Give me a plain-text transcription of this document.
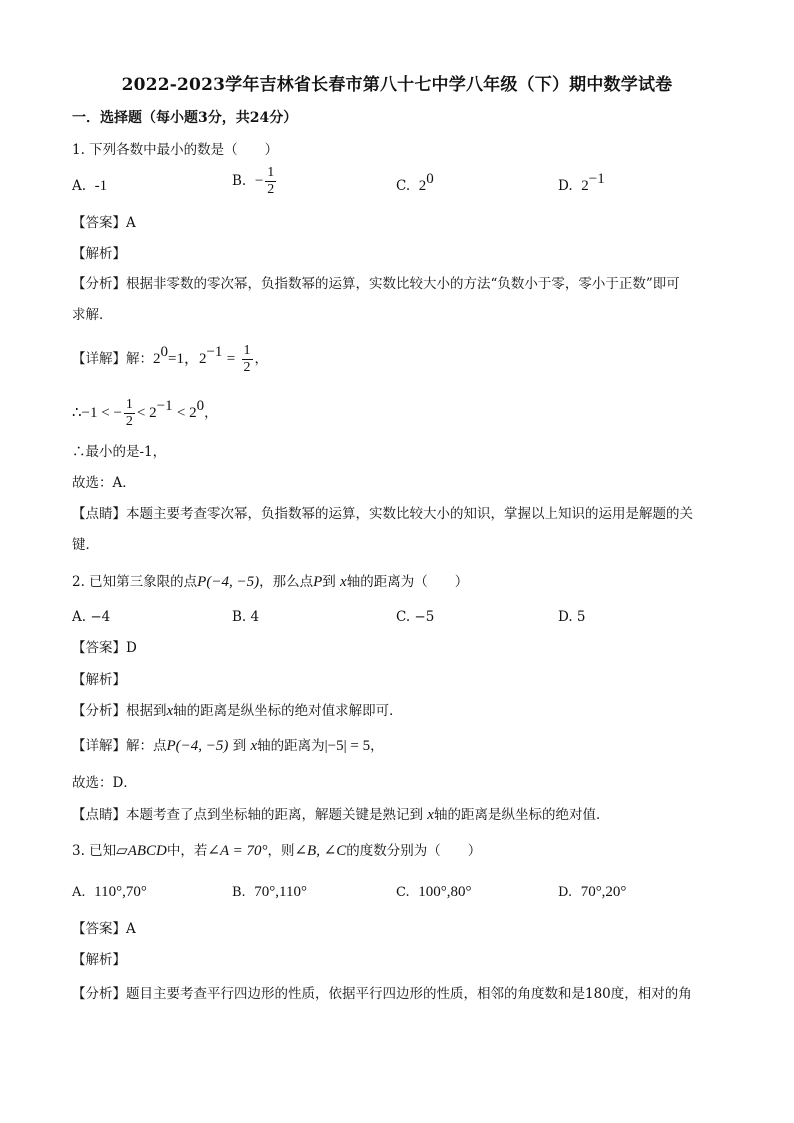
2022-2023学年吉林省长春市第八十七中学八年级（下）期中数学试卷
一．选择题（每小题3分，共24分）
1. 下列各数中最小的数是（　　）
A. -1	B. − $\frac{1}{2}$	C. $2^0$	D. $2^{-1}$
【答案】A
【解析】
【分析】根据非零数的零次幂，负指数幂的运算，实数比较大小的方法“负数小于零，零小于正数”即可
求解．
【详解】解：$2^0=1$，$2^{-1} = \frac{1}{2}$ ，
∴−1 < − $\frac{1}{2} < 2^{-1} < 2^0$，
∴最小的是-1，
故选：A．
【点睛】本题主要考查零次幂，负指数幂的运算，实数比较大小的知识，掌握以上知识的运用是解题的关
键．
2. 已知第三象限的点P(−4, −5)，那么点P到 x轴的距离为（　　）
A. −4	B. 4	C. −5	D. 5
【答案】D
【解析】
【分析】根据到x轴的距离是纵坐标的绝对值求解即可．
【详解】解：点P(−4, −5) 到 x轴的距离为|−5| = 5，
故选：D．
【点睛】本题考查了点到坐标轴的距离，解题关键是熟记到 x轴的距离是纵坐标的绝对值．
3. 已知▱ABCD中，若∠A = 70°，则∠B, ∠C的度数分别为（　　）
A. 110°,70°	B. 70°,110°	C. 100°,80°	D. 70°,20°
【答案】A
【解析】
【分析】题目主要考查平行四边形的性质，依据平行四边形的性质，相邻的角度数和是180度，相对的角
